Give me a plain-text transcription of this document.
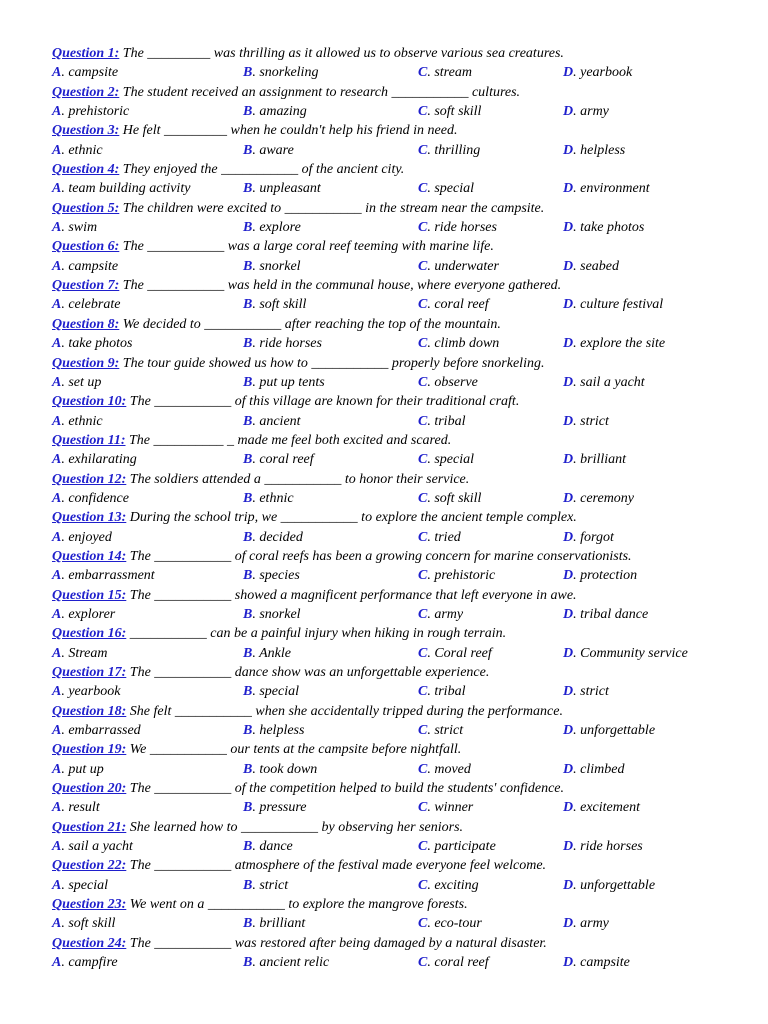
Question 1: The _________ was thrilling as it allowed us to observe various sea creatures.
A. campsite	B. snorkeling	C. stream	D. yearbook
Question 2: The student received an assignment to research ___________ cultures.
A. prehistoric	B. amazing	C. soft skill	D. army
Question 3: He felt _________ when he couldn't help his friend in need.
A. ethnic	B. aware	C. thrilling	D. helpless
Question 4: They enjoyed the ___________ of the ancient city.
A. team building activity	B. unpleasant	C. special	D. environment
Question 5: The children were excited to ___________ in the stream near the campsite.
A. swim	B. explore	C. ride horses	D. take photos
Question 6: The ___________ was a large coral reef teeming with marine life.
A. campsite	B. snorkel	C. underwater	D. seabed
Question 7: The ___________ was held in the communal house, where everyone gathered.
A. celebrate	B. soft skill	C. coral reef	D. culture festival
Question 8: We decided to ___________ after reaching the top of the mountain.
A. take photos	B. ride horses	C. climb down	D. explore the site
Question 9: The tour guide showed us how to ___________ properly before snorkeling.
A. set up	B. put up tents	C. observe	D. sail a yacht
Question 10: The ___________ of this village are known for their traditional craft.
A. ethnic	B. ancient	C. tribal	D. strict
Question 11: The __________ _ made me feel both excited and scared.
A. exhilarating	B. coral reef	C. special	D. brilliant
Question 12: The soldiers attended a ___________ to honor their service.
A. confidence	B. ethnic	C. soft skill	D. ceremony
Question 13: During the school trip, we ___________ to explore the ancient temple complex.
A. enjoyed	B. decided	C. tried	D. forgot
Question 14: The ___________ of coral reefs has been a growing concern for marine conservationists.
A. embarrassment	B. species	C. prehistoric	D. protection
Question 15: The ___________ showed a magnificent performance that left everyone in awe.
A. explorer	B. snorkel	C. army	D. tribal dance
Question 16: ___________ can be a painful injury when hiking in rough terrain.
A. Stream	B. Ankle	C. Coral reef	D. Community service
Question 17: The ___________ dance show was an unforgettable experience.
A. yearbook	B. special	C. tribal	D. strict
Question 18: She felt ___________ when she accidentally tripped during the performance.
A. embarrassed	B. helpless	C. strict	D. unforgettable
Question 19: We ___________ our tents at the campsite before nightfall.
A. put up	B. took down	C. moved	D. climbed
Question 20: The ___________ of the competition helped to build the students' confidence.
A. result	B. pressure	C. winner	D. excitement
Question 21: She learned how to ___________ by observing her seniors.
A. sail a yacht	B. dance	C. participate	D. ride horses
Question 22: The ___________ atmosphere of the festival made everyone feel welcome.
A. special	B. strict	C. exciting	D. unforgettable
Question 23: We went on a ___________ to explore the mangrove forests.
A. soft skill	B. brilliant	C. eco-tour	D. army
Question 24: The ___________ was restored after being damaged by a natural disaster.
A. campfire	B. ancient relic	C. coral reef	D. campsite
